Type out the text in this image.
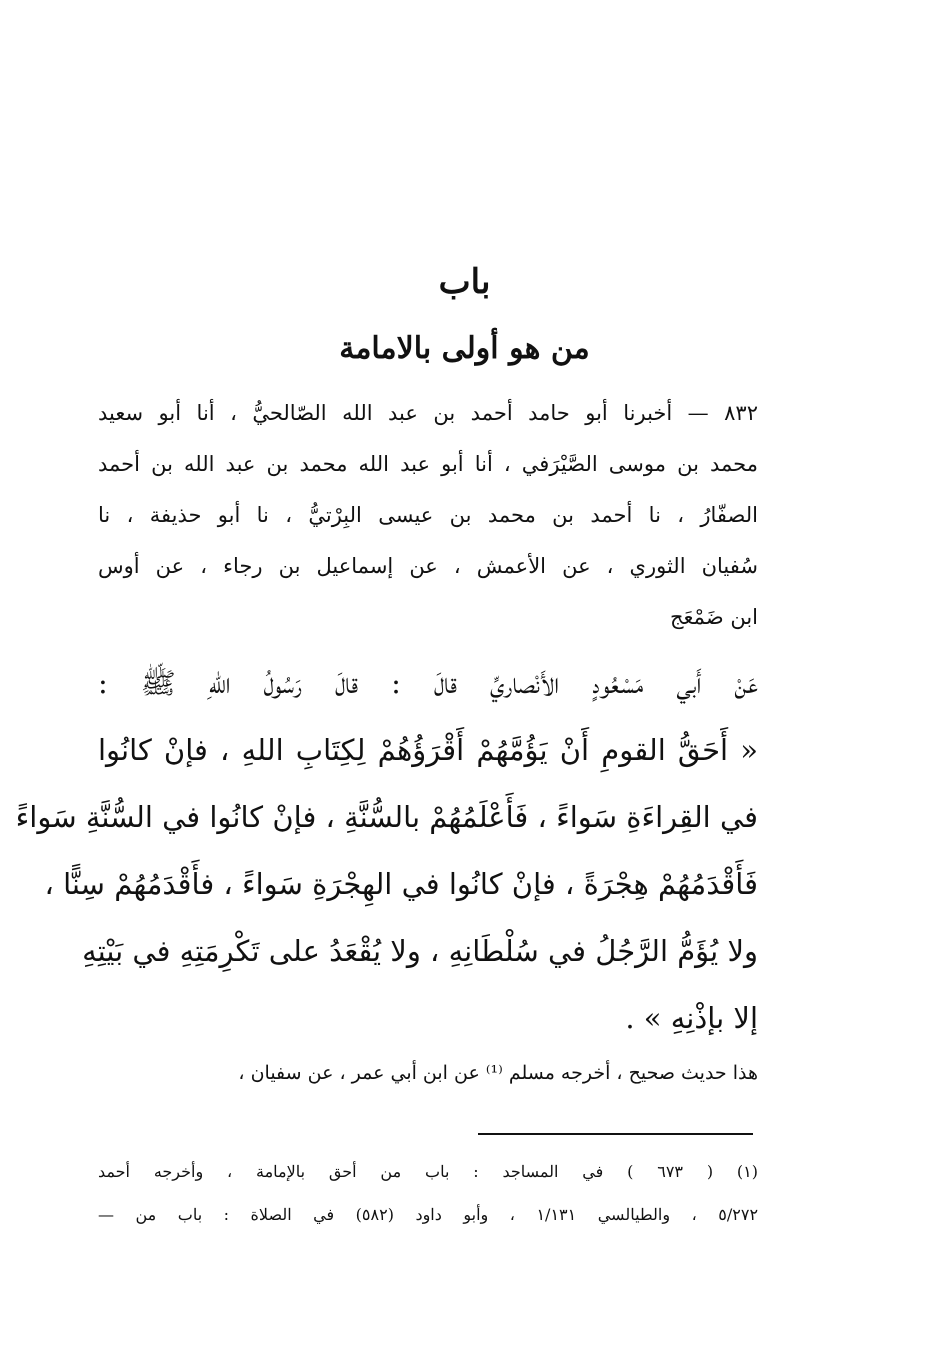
باب
من هو أولى بالامامة
٨٣٢ — أخبرنا أبو حامد أحمد بن عبد الله الصّالحيُّ ، أنا أبو سعيد
محمد بن موسى الصَّيْرَفي ، أنا أبو عبد الله محمد بن عبد الله بن أحمد
الصفّارُ ، نا أحمد بن محمد بن عيسى البِرْتيُّ ، نا أبو حذيفة ، نا
سُفيان الثوري ، عن الأعمش ، عن إسماعيل بن رجاء ، عن أوس
ابن ضَمْعَج
عَنْ أَبي مَسْعُودٍ الأَنْصاريِّ قالَ : قالَ رَسُولُ اللهِ ﷺ :
« أَحَقُّ القومِ أَنْ يَؤُمَّهُمْ أَقْرَؤُهُمْ لِكِتَابِ اللهِ ، فإنْ كانُوا
في القِراءَةِ سَواءً ، فَأَعْلَمُهُمْ بالسُّنَّةِ ، فإنْ كانُوا في السُّنَّةِ سَواءً
فَأَقْدَمُهُمْ هِجْرَةً ، فإنْ كانُوا في الهِجْرَةِ سَواءً ، فأَقْدَمُهُمْ سِنًّا ،
ولا يُؤَمُّ الرَّجُلُ في سُلْطَانِهِ ، ولا يُقْعَدُ على تَكْرِمَتِهِ في بَيْتِهِ
إلا بإذْنِهِ » .
هذا حديث صحيح ، أخرجه مسلم ⁽¹⁾ عن ابن أبي عمر ، عن سفيان ،
(١) ( ٦٧٣ ) في المساجد : باب من أحق بالإمامة ، وأخرجه أحمد
٥/٢٧٢ ، والطيالسي ١/١٣١ ، وأبو داود (٥٨٢) في الصلاة : باب من —
